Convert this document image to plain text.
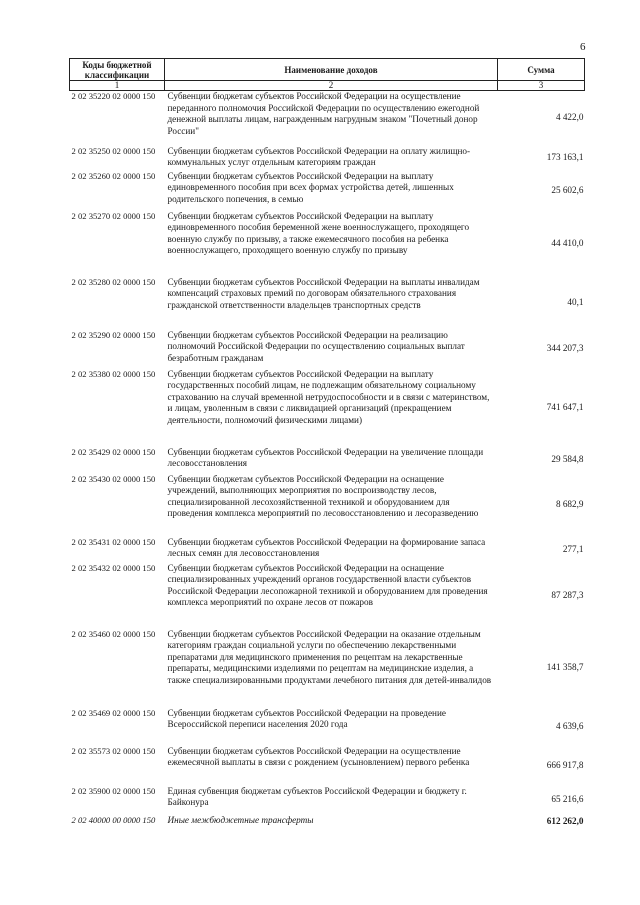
6
Коды бюджетной классификации	Наименование доходов	Сумма
1	2	3
2 02 35220 02 0000 150	Субвенции бюджетам субъектов Российской Федерации на осуществление переданного полномочия Российской Федерации по осуществлению ежегодной денежной выплаты лицам, награжденным нагрудным знаком "Почетный донор России"	4 422,0
2 02 35250 02 0000 150	Субвенции бюджетам субъектов Российской Федерации на оплату жилищно-коммунальных услуг отдельным категориям граждан	173 163,1
2 02 35260 02 0000 150	Субвенции бюджетам субъектов Российской Федерации на выплату единовременного пособия при всех формах устройства детей, лишенных родительского попечения, в семью	25 602,6
2 02 35270 02 0000 150	Субвенции бюджетам субъектов Российской Федерации на выплату единовременного пособия беременной жене военнослужащего, проходящего военную службу по призыву, а также ежемесячного пособия на ребенка военнослужащего, проходящего военную службу по призыву	44 410,0
2 02 35280 02 0000 150	Субвенции бюджетам субъектов Российской Федерации на выплаты инвалидам компенсаций страховых премий по договорам обязательного страхования гражданской ответственности владельцев транспортных средств	40,1
2 02 35290 02 0000 150	Субвенции бюджетам субъектов Российской Федерации на реализацию полномочий Российской Федерации по осуществлению социальных выплат безработным гражданам	344 207,3
2 02 35380 02 0000 150	Субвенции бюджетам субъектов Российской Федерации на выплату государственных пособий лицам, не подлежащим обязательному социальному страхованию на случай временной нетрудоспособности и в связи с материнством, и лицам, уволенным в связи с ликвидацией организаций (прекращением деятельности, полномочий физическими лицами)	741 647,1
2 02 35429 02 0000 150	Субвенции бюджетам субъектов Российской Федерации на увеличение площади лесовосстановления	29 584,8
2 02 35430 02 0000 150	Субвенции бюджетам субъектов Российской Федерации на оснащение учреждений, выполняющих мероприятия по воспроизводству лесов, специализированной лесохозяйственной техникой и оборудованием для проведения комплекса мероприятий по лесовосстановлению и лесоразведению	8 682,9
2 02 35431 02 0000 150	Субвенции бюджетам субъектов Российской Федерации на формирование запаса лесных семян для лесовосстановления	277,1
2 02 35432 02 0000 150	Субвенции бюджетам субъектов Российской Федерации на оснащение специализированных учреждений органов государственной власти субъектов Российской Федерации лесопожарной техникой и оборудованием для проведения комплекса мероприятий по охране лесов от пожаров	87 287,3
2 02 35460 02 0000 150	Субвенции бюджетам субъектов Российской Федерации на оказание отдельным категориям граждан социальной услуги по обеспечению лекарственными препаратами для медицинского применения по рецептам на лекарственные препараты, медицинскими изделиями по рецептам на медицинские изделия, а также специализированными продуктами лечебного питания для детей-инвалидов	141 358,7
2 02 35469 02 0000 150	Субвенции бюджетам субъектов Российской Федерации на проведение Всероссийской переписи населения 2020 года	4 639,6
2 02 35573 02 0000 150	Субвенции бюджетам субъектов Российской Федерации на осуществление ежемесячной выплаты в связи с рождением (усыновлением) первого ребенка	666 917,8
2 02 35900 02 0000 150	Единая субвенция бюджетам субъектов Российской Федерации и бюджету г. Байконура	65 216,6
2 02 40000 00 0000 150	Иные межбюджетные трансферты	612 262,0
